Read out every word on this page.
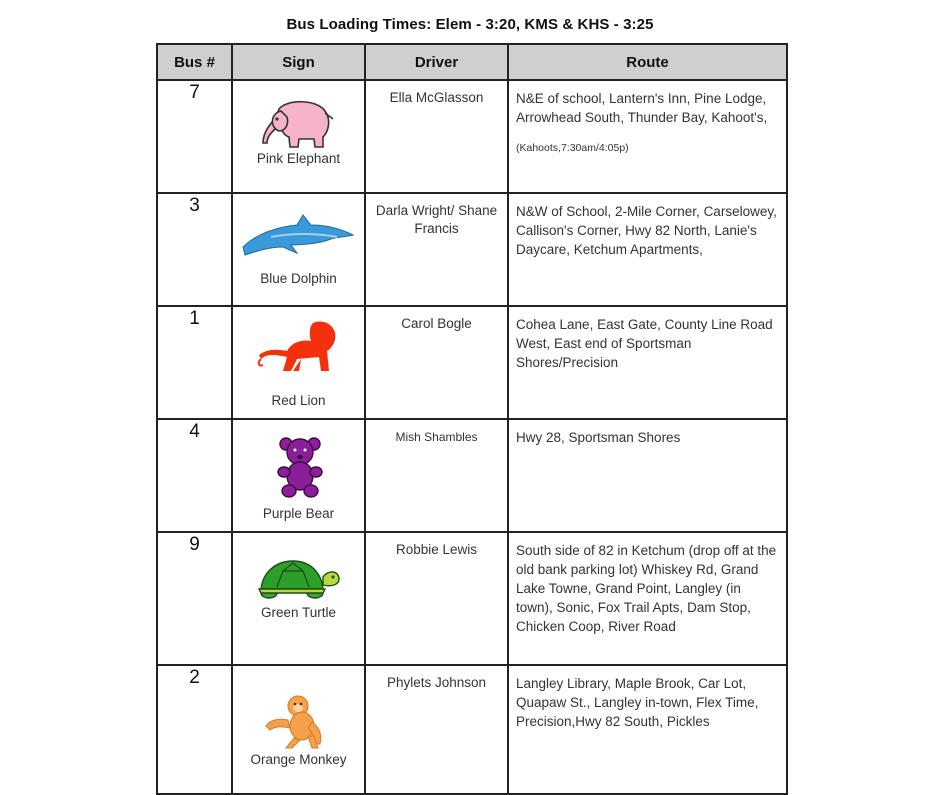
Bus Loading Times: Elem - 3:20, KMS & KHS - 3:25
Bus #	Sign	Driver	Route
7	Pink Elephant	Ella McGlasson	N&E of school, Lantern's Inn, Pine Lodge, Arrowhead South, Thunder Bay, Kahoot's,
(Kahoots,7:30am/4:05p)

3	Blue Dolphin	Darla Wright/ Shane Francis	N&W of School, 2-Mile Corner, Carselowey, Callison's Corner, Hwy 82 North, Lanie's Daycare, Ketchum Apartments,

1	Red Lion	Carol Bogle	Cohea Lane, East Gate, County Line Road West, East end of Sportsman Shores/Precision

4	Purple Bear	Mish Shambles	Hwy 28, Sportsman Shores

9	Green Turtle	Robbie Lewis	South side of 82 in Ketchum (drop off at the old bank parking lot) Whiskey Rd, Grand Lake Towne, Grand Point, Langley (in town), Sonic, Fox Trail Apts, Dam Stop, Chicken Coop, River Road

2	Orange Monkey	Phylets Johnson	Langley Library, Maple Brook, Car Lot, Quapaw St., Langley in-town, Flex Time, Precision,Hwy 82 South, Pickles
